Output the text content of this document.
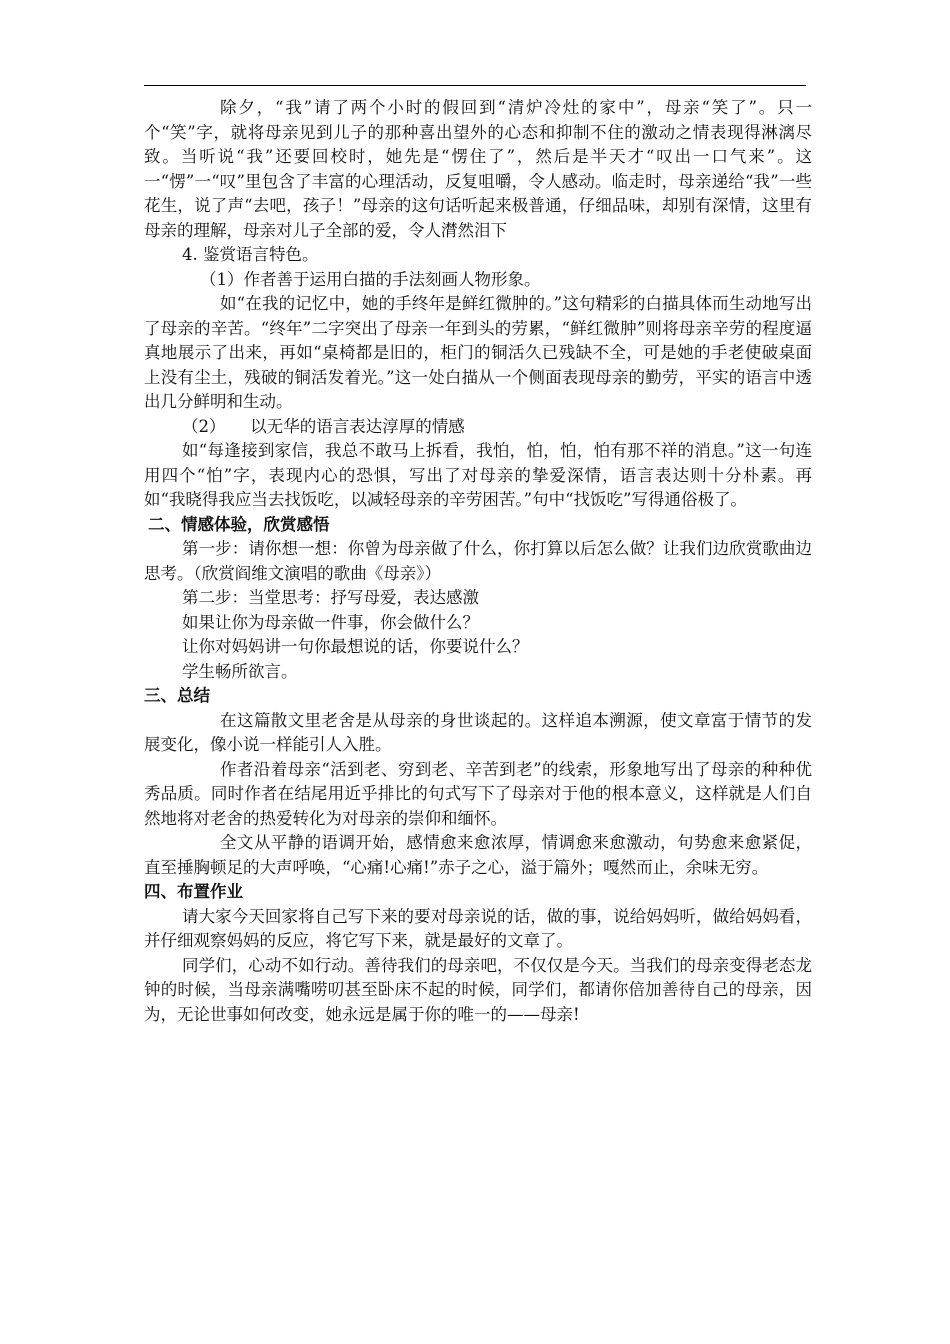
除夕，“我”请了两个小时的假回到“清炉冷灶的家中”，母亲“笑了”。只一个“笑”字，就将母亲见到儿子的那种喜出望外的心态和抑制不住的激动之情表现得淋漓尽致。当听说“我”还要回校时，她先是“愣住了”，然后是半天才“叹出一口气来”。这一“愣”一“叹”里包含了丰富的心理活动，反复咀嚼，令人感动。临走时，母亲递给“我”一些花生，说了声“去吧，孩子！”母亲的这句话听起来极普通，仔细品味，却别有深情，这里有母亲的理解，母亲对儿子全部的爱，令人潸然泪下

4. 鉴赏语言特色。

（1）作者善于运用白描的手法刻画人物形象。

如“在我的记忆中，她的手终年是鲜红微肿的。”这句精彩的白描具体而生动地写出了母亲的辛苦。“终年”二字突出了母亲一年到头的劳累，“鲜红微肿”则将母亲辛劳的程度逼真地展示了出来，再如“桌椅都是旧的，柜门的铜活久已残缺不全，可是她的手老使破桌面上没有尘土，残破的铜活发着光。”这一处白描从一个侧面表现母亲的勤劳，平实的语言中透出几分鲜明和生动。

（2）　　以无华的语言表达淳厚的情感

如“每逢接到家信，我总不敢马上拆看，我怕，怕，怕，怕有那不祥的消息。”这一句连用四个“怕”字，表现内心的恐惧，写出了对母亲的挚爱深情，语言表达则十分朴素。再如“我晓得我应当去找饭吃，以减轻母亲的辛劳困苦。”句中“找饭吃”写得通俗极了。

二、情感体验，欣赏感悟

第一步：请你想一想：你曾为母亲做了什么，你打算以后怎么做？让我们边欣赏歌曲边思考。（欣赏阎维文演唱的歌曲《母亲》）

第二步：当堂思考：抒写母爱，表达感激

如果让你为母亲做一件事，你会做什么？

让你对妈妈讲一句你最想说的话，你要说什么？

学生畅所欲言。

三、总结

在这篇散文里老舍是从母亲的身世谈起的。这样追本溯源，使文章富于情节的发展变化，像小说一样能引人入胜。

作者沿着母亲“活到老、穷到老、辛苦到老”的线索，形象地写出了母亲的种种优秀品质。同时作者在结尾用近乎排比的句式写下了母亲对于他的根本意义，这样就是人们自然地将对老舍的热爱转化为对母亲的崇仰和缅怀。

全文从平静的语调开始，感情愈来愈浓厚，情调愈来愈激动，句势愈来愈紧促，直至捶胸顿足的大声呼唤，“心痛!心痛!”赤子之心，溢于篇外；嘎然而止，余味无穷。

四、布置作业

请大家今天回家将自己写下来的要对母亲说的话，做的事，说给妈妈听，做给妈妈看，并仔细观察妈妈的反应，将它写下来，就是最好的文章了。

同学们，心动不如行动。善待我们的母亲吧，不仅仅是今天。当我们的母亲变得老态龙钟的时候，当母亲满嘴唠叨甚至卧床不起的时候，同学们，都请你倍加善待自己的母亲，因为，无论世事如何改变，她永远是属于你的唯一的——母亲!
